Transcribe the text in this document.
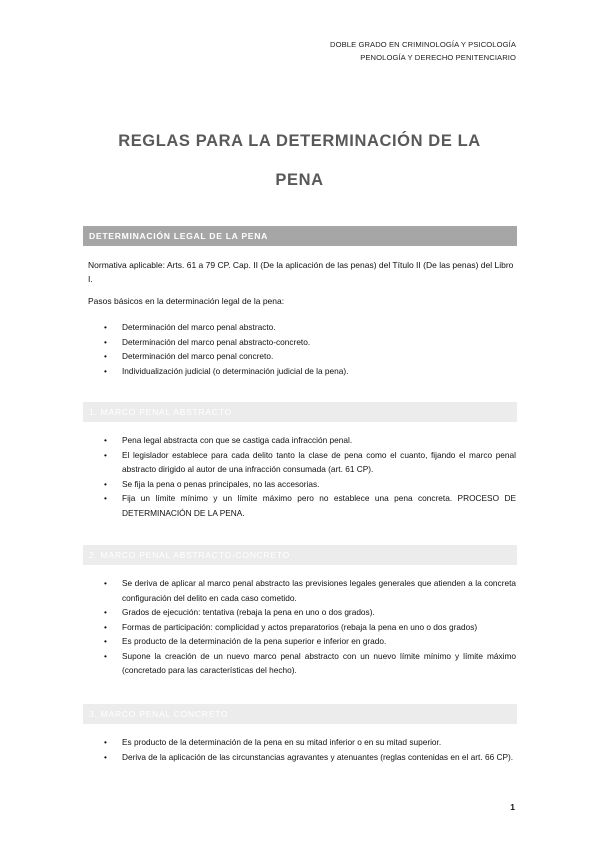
DOBLE GRADO EN CRIMINOLOGÍA Y PSICOLOGÍA
PENOLOGÍA Y DERECHO PENITENCIARIO
REGLAS PARA LA DETERMINACIÓN DE LA
PENA
DETERMINACIÓN LEGAL DE LA PENA
Normativa aplicable: Arts. 61 a 79 CP. Cap. II (De la aplicación de las penas) del Título II (De las penas) del Libro I.
Pasos básicos en la determinación legal de la pena:
• Determinación del marco penal abstracto.
• Determinación del marco penal abstracto-concreto.
• Determinación del marco penal concreto.
• Individualización judicial (o determinación judicial de la pena).
1. MARCO PENAL ABSTRACTO
• Pena legal abstracta con que se castiga cada infracción penal.
• El legislador establece para cada delito tanto la clase de pena como el cuanto, fijando el marco penal abstracto dirigido al autor de una infracción consumada (art. 61 CP).
• Se fija la pena o penas principales, no las accesorias.
• Fija un límite mínimo y un límite máximo pero no establece una pena concreta. PROCESO DE DETERMINACIÓN DE LA PENA.
2. MARCO PENAL ABSTRACTO-CONCRETO
• Se deriva de aplicar al marco penal abstracto las previsiones legales generales que atienden a la concreta configuración del delito en cada caso cometido.
• Grados de ejecución: tentativa (rebaja la pena en uno o dos grados).
• Formas de participación: complicidad y actos preparatorios (rebaja la pena en uno o dos grados)
• Es producto de la determinación de la pena superior e inferior en grado.
• Supone la creación de un nuevo marco penal abstracto con un nuevo límite mínimo y límite máximo (concretado para las características del hecho).
3. MARCO PENAL CONCRETO
• Es producto de la determinación de la pena en su mitad inferior o en su mitad superior.
• Deriva de la aplicación de las circunstancias agravantes y atenuantes (reglas contenidas en el art. 66 CP).
1
